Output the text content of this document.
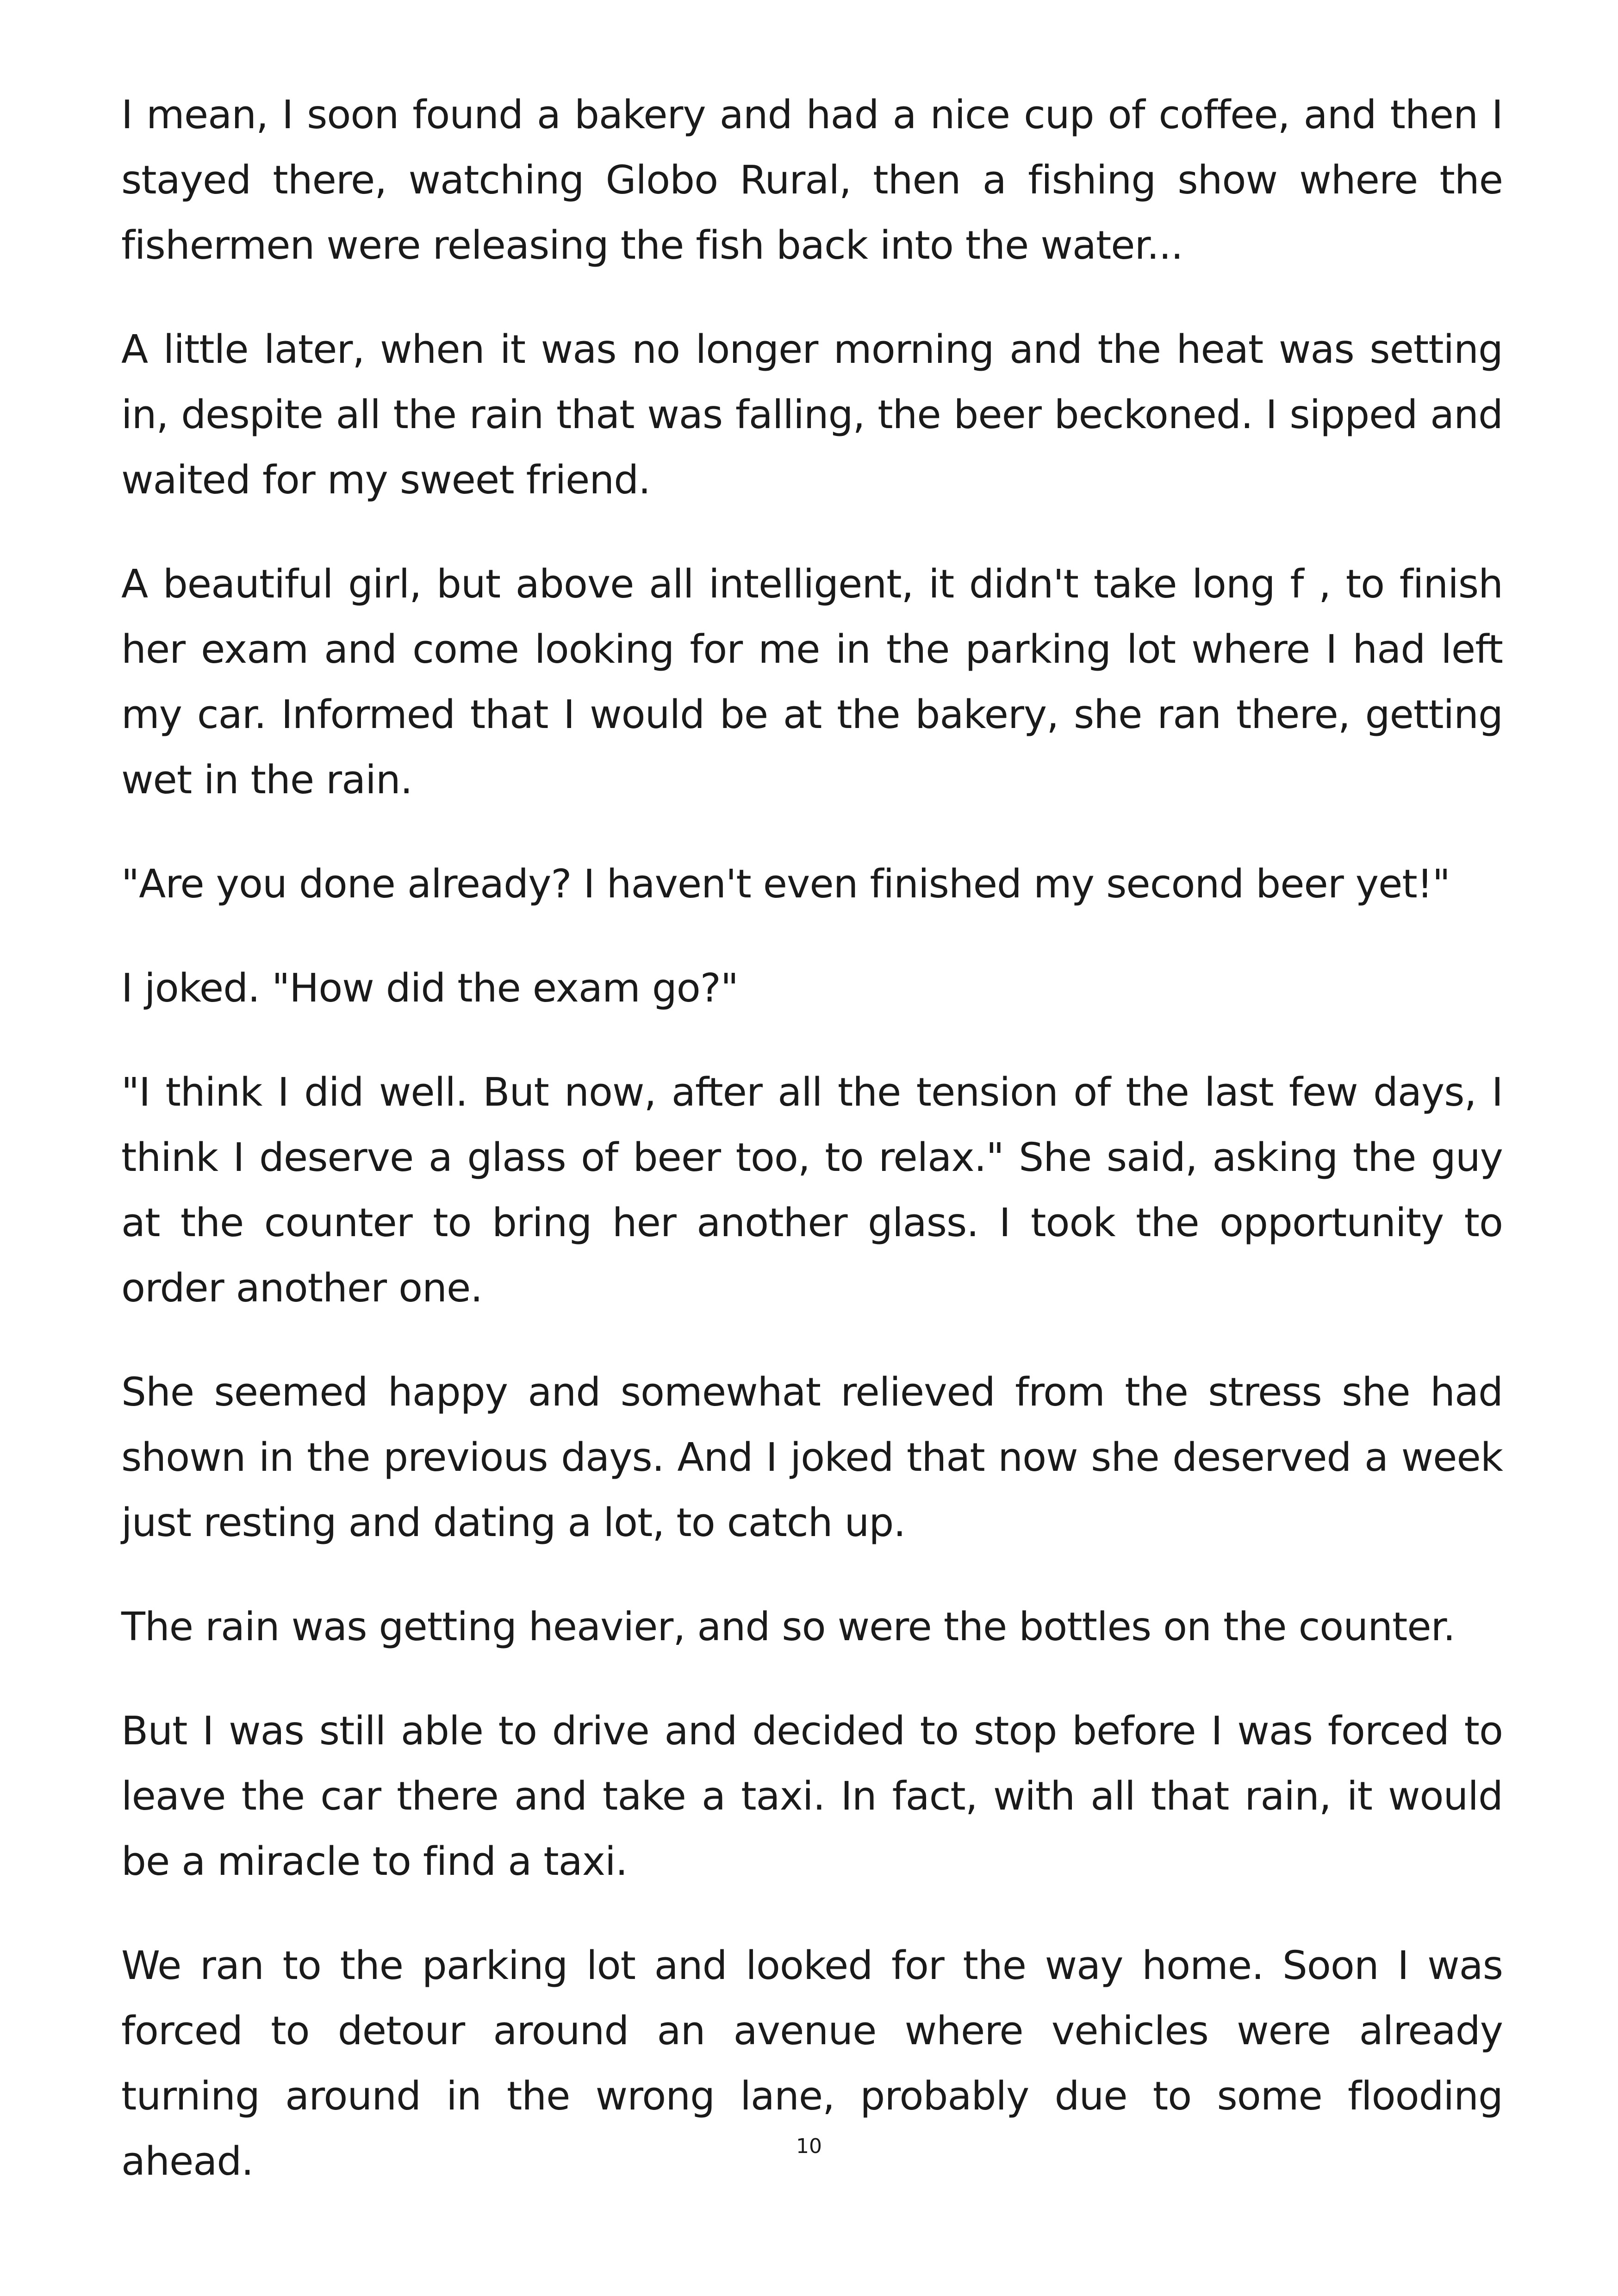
I mean, I soon found a bakery and had a nice cup of coffee, and then I stayed there, watching Globo Rural, then a fishing show where the fishermen were releasing the fish back into the water...

A little later, when it was no longer morning and the heat was setting in, despite all the rain that was falling, the beer beckoned. I sipped and waited for my sweet friend.

A beautiful girl, but above all intelligent, it didn't take long f , to finish her exam and come looking for me in the parking lot where I had left my car. Informed that I would be at the bakery, she ran there, getting wet in the rain.

"Are you done already? I haven't even finished my second beer yet!"

I joked. "How did the exam go?"

"I think I did well. But now, after all the tension of the last few days, I think I deserve a glass of beer too, to relax." She said, asking the guy at the counter to bring her another glass. I took the opportunity to order another one.

She seemed happy and somewhat relieved from the stress she had shown in the previous days. And I joked that now she deserved a week just resting and dating a lot, to catch up.

The rain was getting heavier, and so were the bottles on the counter.

But I was still able to drive and decided to stop before I was forced to leave the car there and take a taxi. In fact, with all that rain, it would be a miracle to find a taxi.

We ran to the parking lot and looked for the way home. Soon I was forced to detour around an avenue where vehicles were already turning around in the wrong lane, probably due to some flooding ahead.	10
